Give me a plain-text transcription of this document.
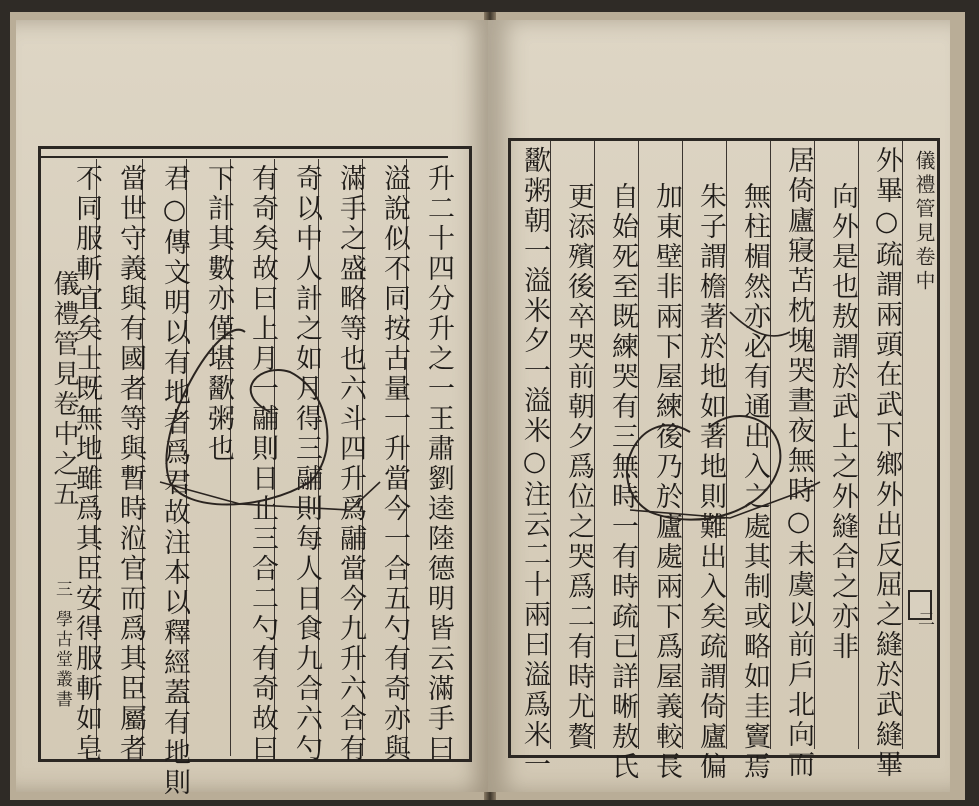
儀禮管見卷中之五
三
學古堂叢書	升二十四分升之一王肅劉逵陸德明皆云滿手曰
溢說似不同按古量一升當今一合五勺有奇亦與
滿手之盛略等也六斗四升爲鬴當今九升六合有
奇以中人計之如月得三鬴則每人日食九合六勺
有奇矣故曰上月一鬴則日止三合二勺有奇故曰
下計其數亦僅堪歠粥也
君○傳文明以有地者爲君故注本以釋經蓋有地則
當世守義與有國者等與暫時涖官而爲其臣屬者
不同服斬宜矣士既無地雖爲其臣安得服斬如皂	儀禮管見卷中
二
外畢○疏謂兩頭在武下鄉外出反屈之縫於武縫畢
向外是也敖謂於武上之外縫合之亦非
居倚廬寢苫枕塊哭晝夜無時○未虞以前戶北向而
無柱楣然亦必有通出入之處其制或略如圭竇焉
朱子謂檐著於地如著地則難出入矣疏謂倚廬偏
加東壁非兩下屋練後乃於廬處兩下爲屋義較長
自始死至既練哭有三無時一有時疏已詳晰敖氏
更添殯後卒哭前朝夕爲位之哭爲二有時尤贅
歠粥朝一溢米夕一溢米○注云二十兩曰溢爲米一
